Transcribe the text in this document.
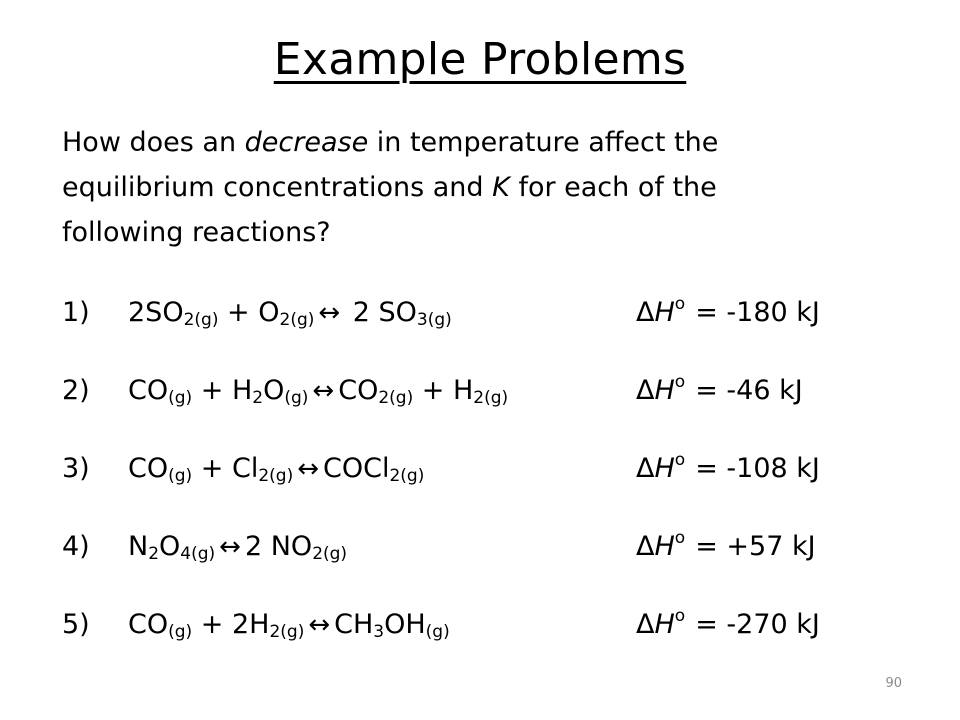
Example Problems
How does an decrease in temperature affect the equilibrium concentrations and K for each of the following reactions?
1) $2SO_{2(g)} + O_{2(g)}$ ↔ 2 $SO_{3(g)}$	$\Delta H^o = -180$ kJ
2) $CO_{(g)} + H_2O_{(g)}$ ↔ $CO_{2(g)} + H_{2(g)}$	$\Delta H^o = -46$ kJ
3) $CO_{(g)} + Cl_{2(g)}$ ↔ COCl$_{2(g)}$	$\Delta H^o = -108$ kJ
4) $N_2O_{4(g)}$ ↔ 2 $NO_{2(g)}$	$\Delta H^o = +57$ kJ
5) $CO_{(g)} + 2H_{2(g)}$ ↔ $CH_3OH_{(g)}$	$\Delta H^o = -270$ kJ
90
